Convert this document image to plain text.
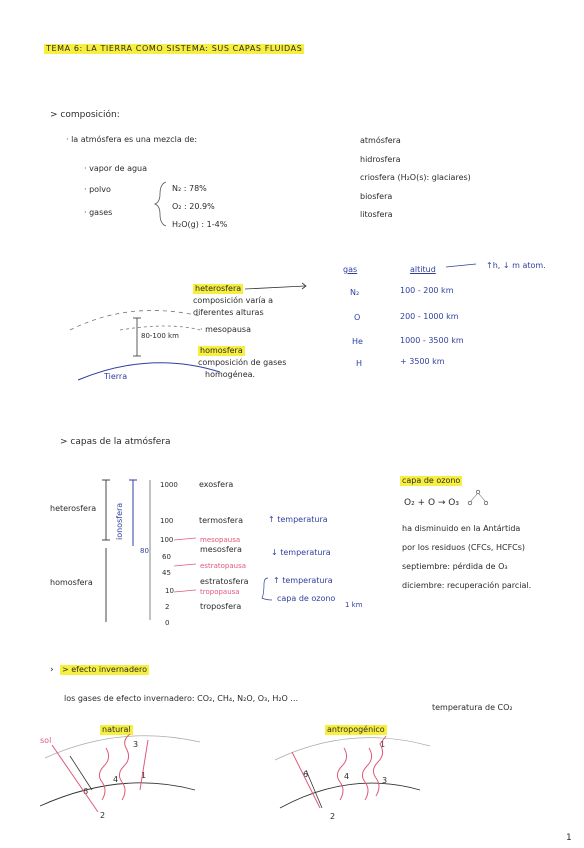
TEMA 6: LA TIERRA COMO SISTEMA: SUS CAPAS FLUIDAS
> composición:
· la atmósfera es una mezcla de:
· vapor de agua
· polvo
· gases
N₂ : 78%
O₂ : 20.9%
H₂O(g) : 1-4%
atmósfera
hidrosfera
criosfera (H₂O(s): glaciares)
biosfera
litosfera
heterosfera
composición varía a
diferentes alturas
· mesopausa
homosfera
composición de gases
homogénea.
80-100 km
Tierra
gas	altitud	↑h, ↓ m atom.
N₂	100 - 200 km
O	200 - 1000 km
He	1000 - 3500 km
H	+ 3500 km
> capas de la atmósfera
heterosfera
homosfera
ionosfera
1000
100
100
80
60
45
10
2
0
exosfera
termosfera
mesosfera
estratosfera
troposfera
mesopausa
estratopausa
tropopausa
↑ temperatura
↓ temperatura
↑ temperatura
capa de ozono
1 km
capa de ozono
O₂ + O → O₃
ha disminuido en la Antártida
por los residuos (CFCs, HCFCs)
septiembre: pérdida de O₃
diciembre: recuperación parcial.
› > efecto invernadero
los gases de efecto invernadero: CO₂, CH₄, N₂O, O₃, H₂O ...
temperatura de CO₂
natural	antropogénico
sol	3
4	1
6
2
1
6	4	3
2
1
